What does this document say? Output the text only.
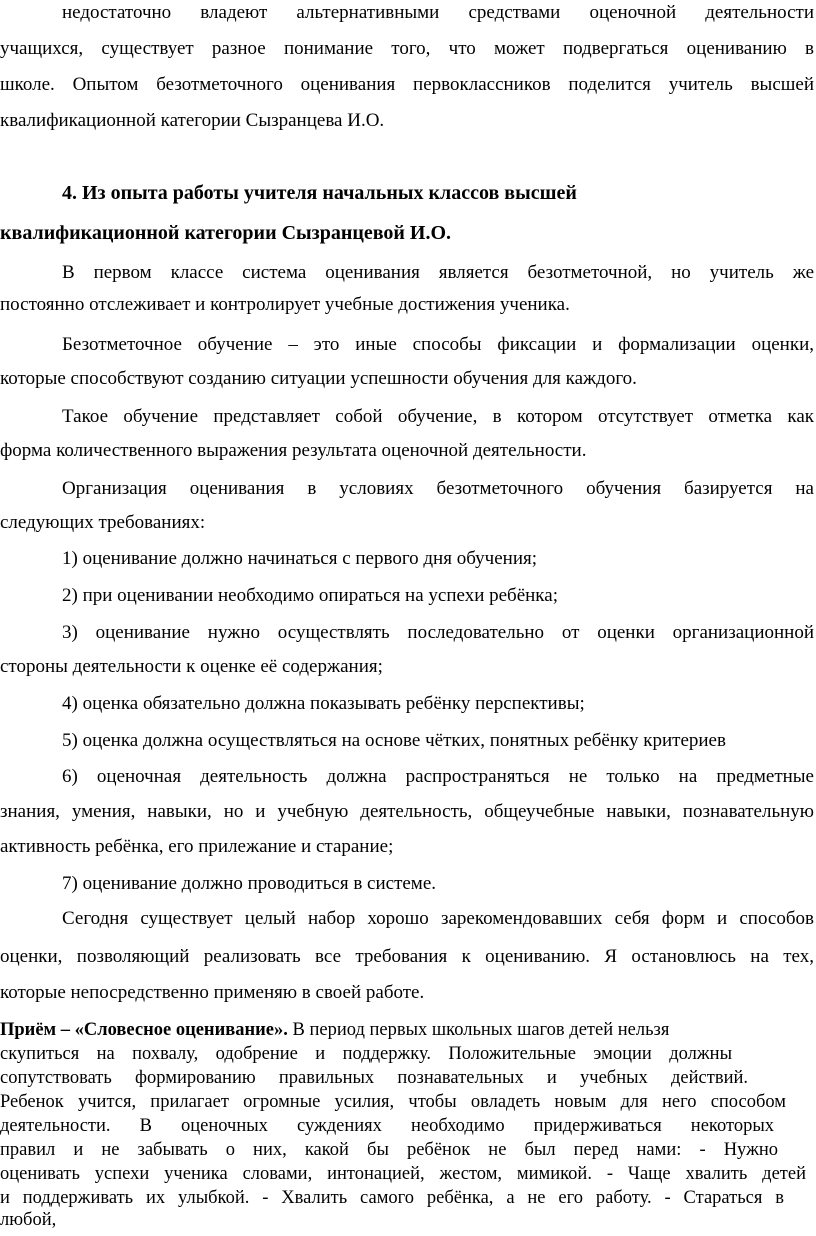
недостаточно владеют альтернативными средствами оценочной деятельности
учащихся, существует разное понимание того, что может подвергаться оцениванию в
школе. Опытом безотметочного оценивания первоклассников поделится учитель высшей
квалификационной категории Сызранцева И.О.
4. Из опыта работы учителя начальных классов высшей
квалификационной категории Сызранцевой И.О.
В первом классе система оценивания является безотметочной, но учитель же
постоянно отслеживает и контролирует учебные достижения ученика.
Безотметочное обучение – это иные способы фиксации и формализации оценки,
которые способствуют созданию ситуации успешности обучения для каждого.
Такое обучение представляет собой обучение, в котором отсутствует отметка как
форма количественного выражения результата оценочной деятельности.
Организация оценивания в условиях безотметочного обучения базируется на
следующих требованиях:
1) оценивание должно начинаться с первого дня обучения;
2) при оценивании необходимо опираться на успехи ребёнка;
3) оценивание нужно осуществлять последовательно от оценки организационной
стороны деятельности к оценке её содержания;
4) оценка обязательно должна показывать ребёнку перспективы;
5) оценка должна осуществляться на основе чётких, понятных ребёнку критериев
6) оценочная деятельность должна распространяться не только на предметные
знания, умения, навыки, но и учебную деятельность, общеучебные навыки, познавательную
активность ребёнка, его прилежание и старание;
7) оценивание должно проводиться в системе.
Сегодня существует целый набор хорошо зарекомендовавших себя форм и способов
оценки, позволяющий реализовать все требования к оцениванию. Я остановлюсь на тех,
которые непосредственно применяю в своей работе.
Приём – «Словесное оценивание». В период первых школьных шагов детей нельзя
скупиться на похвалу, одобрение и поддержку. Положительные эмоции должны
сопутствовать формированию правильных познавательных и учебных действий.
Ребенок учится, прилагает огромные усилия, чтобы овладеть новым для него способом
деятельности. В оценочных суждениях необходимо придерживаться некоторых
правил и не забывать о них, какой бы ребёнок не был перед нами: - Нужно
оценивать успехи ученика словами, интонацией, жестом, мимикой. - Чаще хвалить детей
и поддерживать их улыбкой. - Хвалить самого ребёнка, а не его работу. - Стараться в
любой,
